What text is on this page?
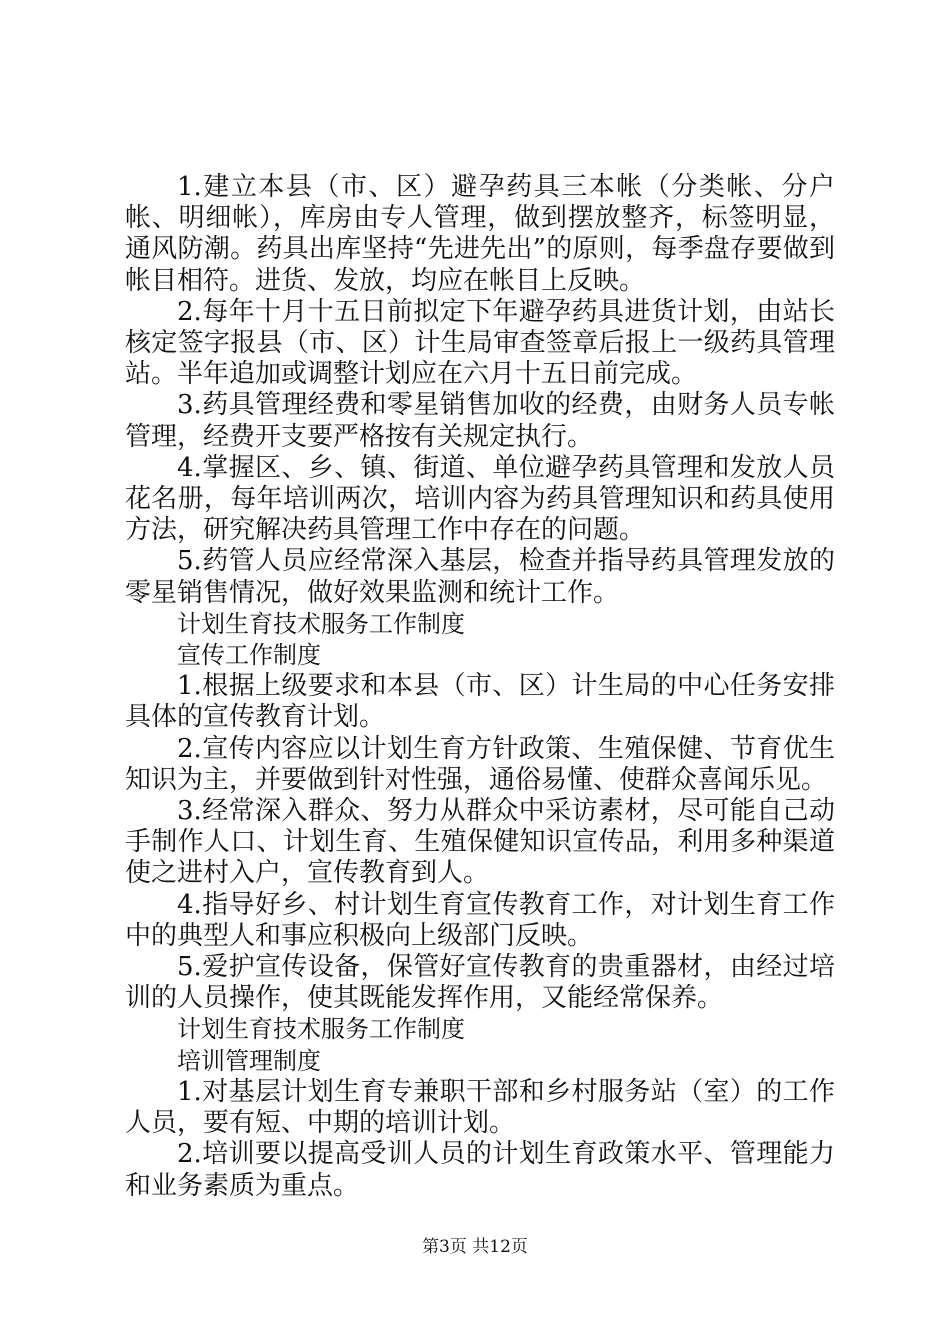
1.建立本县（市、区）避孕药具三本帐（分类帐、分户帐、明细帐），库房由专人管理，做到摆放整齐，标签明显，通风防潮。药具出库坚持“先进先出”的原则，每季盘存要做到帐目相符。进货、发放，均应在帐目上反映。

2.每年十月十五日前拟定下年避孕药具进货计划，由站长核定签字报县（市、区）计生局审查签章后报上一级药具管理站。半年追加或调整计划应在六月十五日前完成。

3.药具管理经费和零星销售加收的经费，由财务人员专帐管理，经费开支要严格按有关规定执行。

4.掌握区、乡、镇、街道、单位避孕药具管理和发放人员花名册，每年培训两次，培训内容为药具管理知识和药具使用方法，研究解决药具管理工作中存在的问题。

5.药管人员应经常深入基层，检查并指导药具管理发放的零星销售情况，做好效果监测和统计工作。

计划生育技术服务工作制度

宣传工作制度

1.根据上级要求和本县（市、区）计生局的中心任务安排具体的宣传教育计划。

2.宣传内容应以计划生育方针政策、生殖保健、节育优生知识为主，并要做到针对性强，通俗易懂、使群众喜闻乐见。

3.经常深入群众、努力从群众中采访素材，尽可能自己动手制作人口、计划生育、生殖保健知识宣传品，利用多种渠道使之进村入户，宣传教育到人。

4.指导好乡、村计划生育宣传教育工作，对计划生育工作中的典型人和事应积极向上级部门反映。

5.爱护宣传设备，保管好宣传教育的贵重器材，由经过培训的人员操作，使其既能发挥作用，又能经常保养。

计划生育技术服务工作制度

培训管理制度

1.对基层计划生育专兼职干部和乡村服务站（室）的工作人员，要有短、中期的培训计划。

2.培训要以提高受训人员的计划生育政策水平、管理能力和业务素质为重点。

第3页 共12页
